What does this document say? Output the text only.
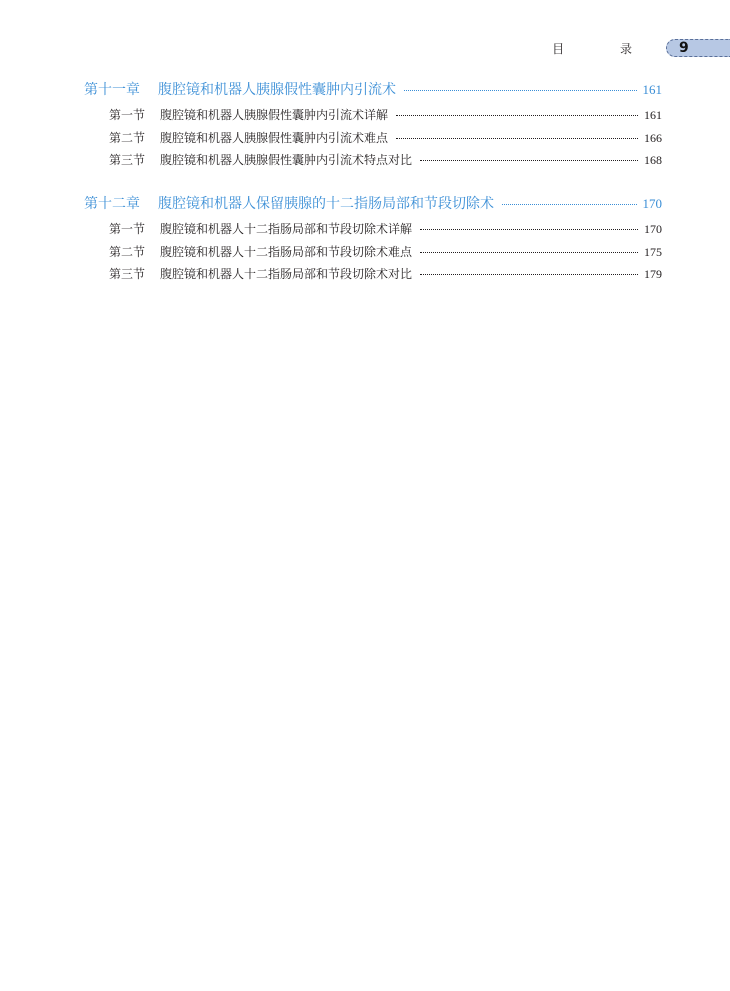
目 录 9
第十一章	腹腔镜和机器人胰腺假性囊肿内引流术	161
第一节	腹腔镜和机器人胰腺假性囊肿内引流术详解	161
第二节	腹腔镜和机器人胰腺假性囊肿内引流术难点	166
第三节	腹腔镜和机器人胰腺假性囊肿内引流术特点对比	168
第十二章	腹腔镜和机器人保留胰腺的十二指肠局部和节段切除术	170
第一节	腹腔镜和机器人十二指肠局部和节段切除术详解	170
第二节	腹腔镜和机器人十二指肠局部和节段切除术难点	175
第三节	腹腔镜和机器人十二指肠局部和节段切除术对比	179
